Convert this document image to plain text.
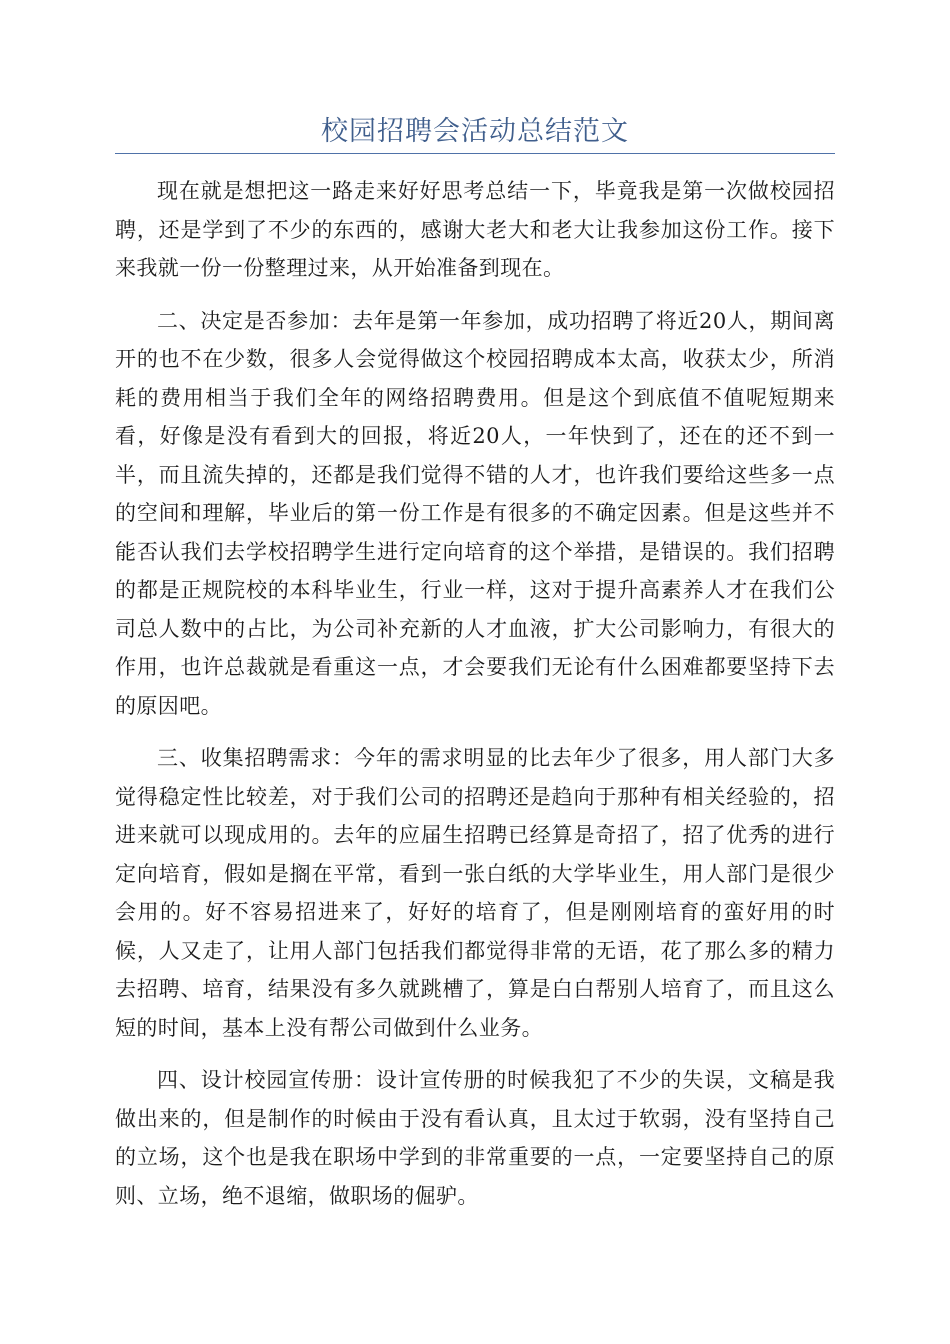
校园招聘会活动总结范文

现在就是想把这一路走来好好思考总结一下，毕竟我是第一次做校园招聘，还是学到了不少的东西的，感谢大老大和老大让我参加这份工作。接下来我就一份一份整理过来，从开始准备到现在。

二、决定是否参加：去年是第一年参加，成功招聘了将近20人，期间离开的也不在少数，很多人会觉得做这个校园招聘成本太高，收获太少，所消耗的费用相当于我们全年的网络招聘费用。但是这个到底值不值呢短期来看，好像是没有看到大的回报，将近20人，一年快到了，还在的还不到一半，而且流失掉的，还都是我们觉得不错的人才，也许我们要给这些多一点的空间和理解，毕业后的第一份工作是有很多的不确定因素。但是这些并不能否认我们去学校招聘学生进行定向培育的这个举措，是错误的。我们招聘的都是正规院校的本科毕业生，行业一样，这对于提升高素养人才在我们公司总人数中的占比，为公司补充新的人才血液，扩大公司影响力，有很大的作用，也许总裁就是看重这一点，才会要我们无论有什么困难都要坚持下去的原因吧。

三、收集招聘需求：今年的需求明显的比去年少了很多，用人部门大多觉得稳定性比较差，对于我们公司的招聘还是趋向于那种有相关经验的，招进来就可以现成用的。去年的应届生招聘已经算是奇招了，招了优秀的进行定向培育，假如是搁在平常，看到一张白纸的大学毕业生，用人部门是很少会用的。好不容易招进来了，好好的培育了，但是刚刚培育的蛮好用的时候，人又走了，让用人部门包括我们都觉得非常的无语，花了那么多的精力去招聘、培育，结果没有多久就跳槽了，算是白白帮别人培育了，而且这么短的时间，基本上没有帮公司做到什么业务。

四、设计校园宣传册：设计宣传册的时候我犯了不少的失误，文稿是我做出来的，但是制作的时候由于没有看认真，且太过于软弱，没有坚持自己的立场，这个也是我在职场中学到的非常重要的一点，一定要坚持自己的原则、立场，绝不退缩，做职场的倔驴。
